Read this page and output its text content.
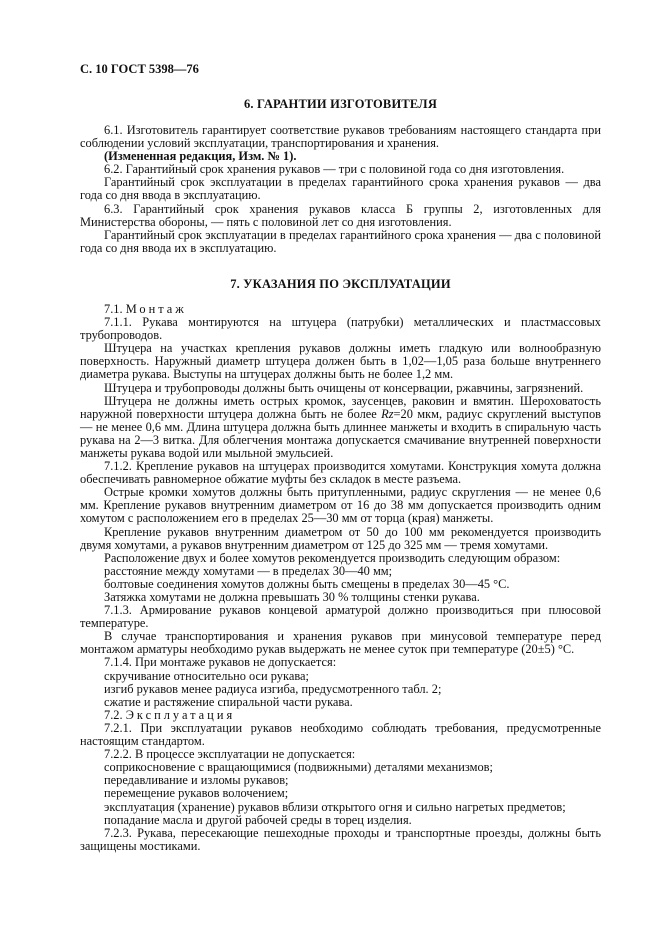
С. 10 ГОСТ 5398—76
6. ГАРАНТИИ ИЗГОТОВИТЕЛЯ

6.1. Изготовитель гарантирует соответствие рукавов требованиям настоящего стандарта при соблюдении условий эксплуатации, транспортирования и хранения.

(Измененная редакция, Изм. № 1).

6.2. Гарантийный срок хранения рукавов — три с половиной года со дня изготовления.

Гарантийный срок эксплуатации в пределах гарантийного срока хранения рукавов — два года со дня ввода в эксплуатацию.

6.3. Гарантийный срок хранения рукавов класса Б группы 2, изготовленных для Министерства обороны, — пять с половиной лет со дня изготовления.

Гарантийный срок эксплуатации в пределах гарантийного срока хранения — два с половиной года со дня ввода их в эксплуатацию.

7. УКАЗАНИЯ ПО ЭКСПЛУАТАЦИИ

7.1. Монтаж

7.1.1. Рукава монтируются на штуцера (патрубки) металлических и пластмассовых трубопроводов.

Штуцера на участках крепления рукавов должны иметь гладкую или волнообразную поверхность. Наружный диаметр штуцера должен быть в 1,02—1,05 раза больше внутреннего диаметра рукава. Выступы на штуцерах должны быть не более 1,2 мм.

Штуцера и трубопроводы должны быть очищены от консервации, ржавчины, загрязнений.

Штуцера не должны иметь острых кромок, заусенцев, раковин и вмятин. Шероховатость наружной поверхности штуцера должна быть не более Rz=20 мкм, радиус скруглений выступов — не менее 0,6 мм. Длина штуцера должна быть длиннее манжеты и входить в спиральную часть рукава на 2—3 витка. Для облегчения монтажа допускается смачивание внутренней поверхности манжеты рукава водой или мыльной эмульсией.

7.1.2. Крепление рукавов на штуцерах производится хомутами. Конструкция хомута должна обеспечивать равномерное обжатие муфты без складок в месте разъема.

Острые кромки хомутов должны быть притупленными, радиус скругления — не менее 0,6 мм. Крепление рукавов внутренним диаметром от 16 до 38 мм допускается производить одним хомутом с расположением его в пределах 25—30 мм от торца (края) манжеты.

Крепление рукавов внутренним диаметром от 50 до 100 мм рекомендуется производить двумя хомутами, а рукавов внутренним диаметром от 125 до 325 мм — тремя хомутами.

Расположение двух и более хомутов рекомендуется производить следующим образом:

расстояние между хомутами — в пределах 30—40 мм;

болтовые соединения хомутов должны быть смещены в пределах 30—45 °С.

Затяжка хомутами не должна превышать 30 % толщины стенки рукава.

7.1.3. Армирование рукавов концевой арматурой должно производиться при плюсовой температуре.

В случае транспортирования и хранения рукавов при минусовой температуре перед монтажом арматуры необходимо рукав выдержать не менее суток при температуре (20±5) °С.

7.1.4. При монтаже рукавов не допускается:

скручивание относительно оси рукава;

изгиб рукавов менее радиуса изгиба, предусмотренного табл. 2;

сжатие и растяжение спиральной части рукава.

7.2. Эксплуатация

7.2.1. При эксплуатации рукавов необходимо соблюдать требования, предусмотренные настоящим стандартом.

7.2.2. В процессе эксплуатации не допускается:

соприкосновение с вращающимися (подвижными) деталями механизмов;

передавливание и изломы рукавов;

перемещение рукавов волочением;

эксплуатация (хранение) рукавов вблизи открытого огня и сильно нагретых предметов;

попадание масла и другой рабочей среды в торец изделия.

7.2.3. Рукава, пересекающие пешеходные проходы и транспортные проезды, должны быть защищены мостиками.
